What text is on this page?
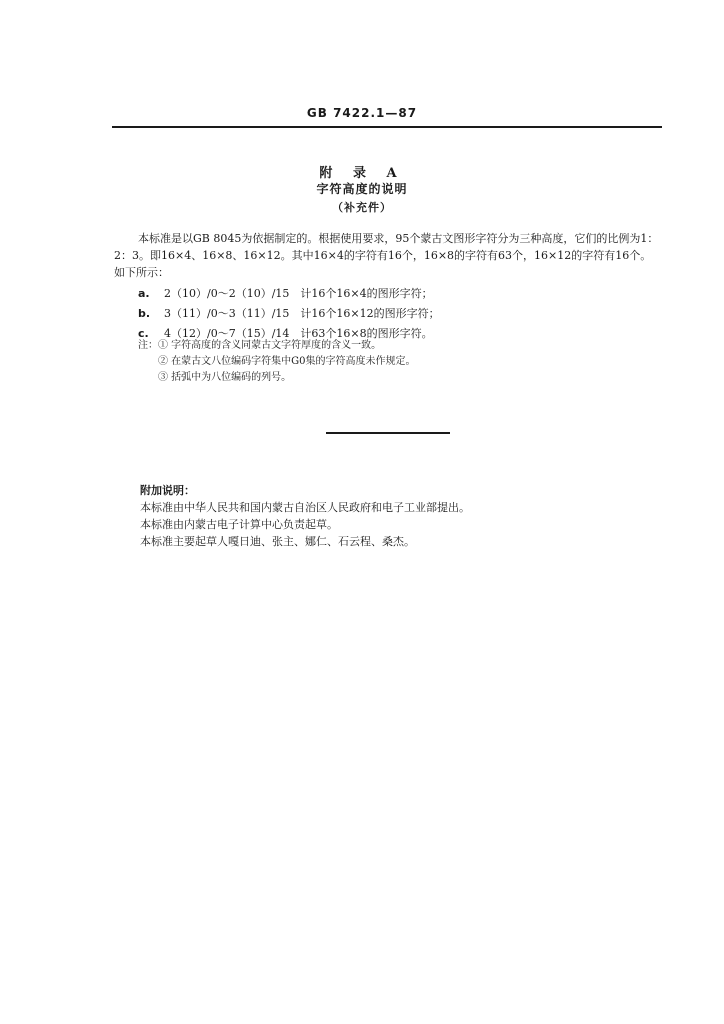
GB 7422.1—87
附 录 A
字符高度的说明
（补充件）
本标准是以GB 8045为依据制定的。根据使用要求，95个蒙古文图形字符分为三种高度，它们的比例为1：2：3。即16×4、16×8、16×12。其中16×4的字符有16个，16×8的字符有63个，16×12的字符有16个。如下所示：
a.	2（10）/0～2（10）/15　计16个16×4的图形字符；
b.	3（11）/0～3（11）/15　计16个16×12的图形字符；
c.	4（12）/0～7（15）/14　计63个16×8的图形字符。
注：① 字符高度的含义同蒙古文字符厚度的含义一致。
② 在蒙古文八位编码字符集中G0集的字符高度未作规定。
③ 括弧中为八位编码的列号。
附加说明：
本标准由中华人民共和国内蒙古自治区人民政府和电子工业部提出。
本标准由内蒙古电子计算中心负责起草。
本标准主要起草人嘎日迪、张主、娜仁、石云程、桑杰。
